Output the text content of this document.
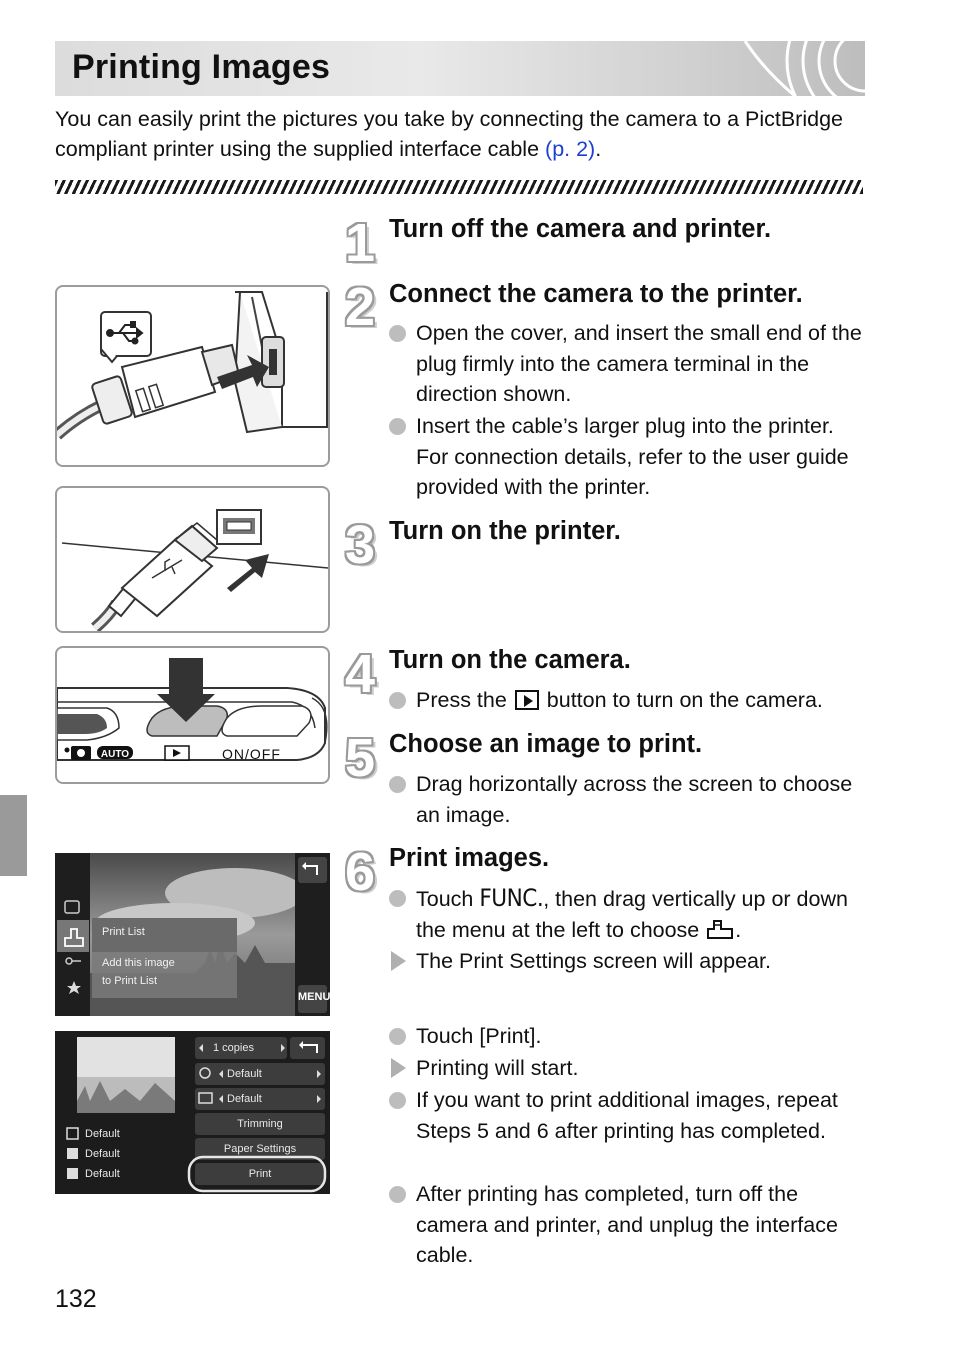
Printing Images
You can easily print the pictures you take by connecting the camera to a PictBridge compliant printer using the supplied interface cable (p. 2).
1 Turn off the camera and printer.
2 Connect the camera to the printer.
Open the cover, and insert the small end of the plug firmly into the camera terminal in the direction shown.
Insert the cable’s larger plug into the printer. For connection details, refer to the user guide provided with the printer.
3 Turn on the printer.
4 Turn on the camera.
Press the button to turn on the camera.
5 Choose an image to print.
Drag horizontally across the screen to choose an image.
6 Print images.
Touch FUNC., then drag vertically up or down the menu at the left to choose .
The Print Settings screen will appear.
Touch [Print].
Printing will start.
If you want to print additional images, repeat Steps 5 and 6 after printing has completed.
After printing has completed, turn off the camera and printer, and unplug the interface cable.
AUTO	ON/OFF
Print List
Add this image
to Print List
MENU
1 copies
Default
Default
Trimming
Paper Settings
Print
Default
Default
Default
132
